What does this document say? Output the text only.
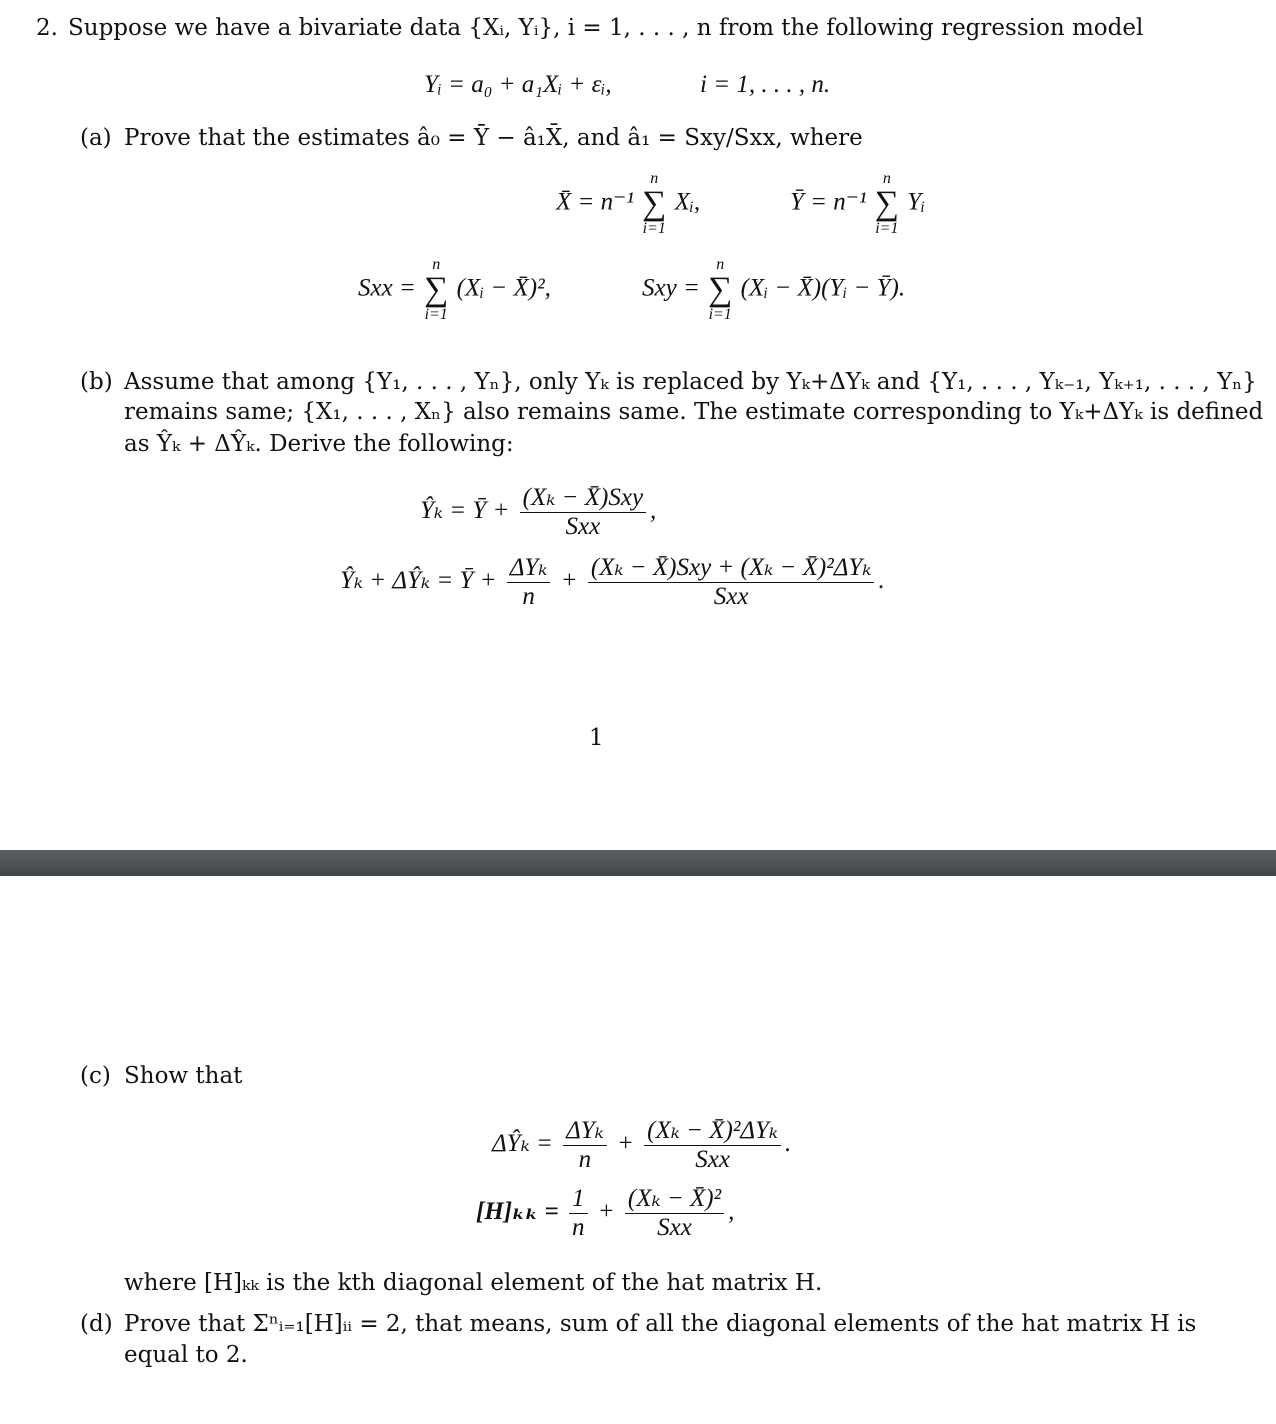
2. Suppose we have a bivariate data {Xᵢ, Yᵢ}, i = 1, . . . , n from the following regression model
Yᵢ = a₀ + a₁Xᵢ + εᵢ,	i = 1, . . . , n.
(a) Prove that the estimates â₀ = Ȳ − â₁X̄, and â₁ = Sxy/Sxx, where
X̄ = n⁻¹
n
∑
i=1
Xᵢ,	Ȳ = n⁻¹
n
∑
i=1
Yᵢ
Sxx =
n
∑
i=1
(Xᵢ − X̄)²,	Sxy =
n
∑
i=1
(Xᵢ − X̄)(Yᵢ − Ȳ).
(b) Assume that among {Y₁, . . . , Yₙ}, only Yₖ is replaced by Yₖ+ΔYₖ and {Y₁, . . . , Yₖ₋₁, Yₖ₊₁, . . . , Yₙ}
remains same; {X₁, . . . , Xₙ} also remains same. The estimate corresponding to Yₖ+ΔYₖ is defined
as Ŷₖ + ΔŶₖ. Derive the following:
Ŷₖ = Ȳ + $\frac{\text{(Xₖ − X̄)Sxy}}{\text{Sxx}}$ ,
Ŷₖ + ΔŶₖ = Ȳ + $\frac{\text{ΔYₖ}}{n} + \frac{\text{(Xₖ − X̄)Sxy + (Xₖ − X̄)²ΔYₖ}}{\text{Sxx}}$ .
1
(c) Show that
ΔŶₖ = $\frac{\text{ΔYₖ}}{n} + \frac{\text{(Xₖ − X̄)²ΔYₖ}}{\text{Sxx}}$ .
$[H]_{kk} = \frac{1}{n} + \frac{\text{(Xₖ − X̄)²}}{\text{Sxx}}$ ,
where [H]ₖₖ is the kth diagonal element of the hat matrix H.
(d) Prove that Σⁿᵢ₌₁[H]ᵢᵢ = 2, that means, sum of all the diagonal elements of the hat matrix H is
equal to 2.
